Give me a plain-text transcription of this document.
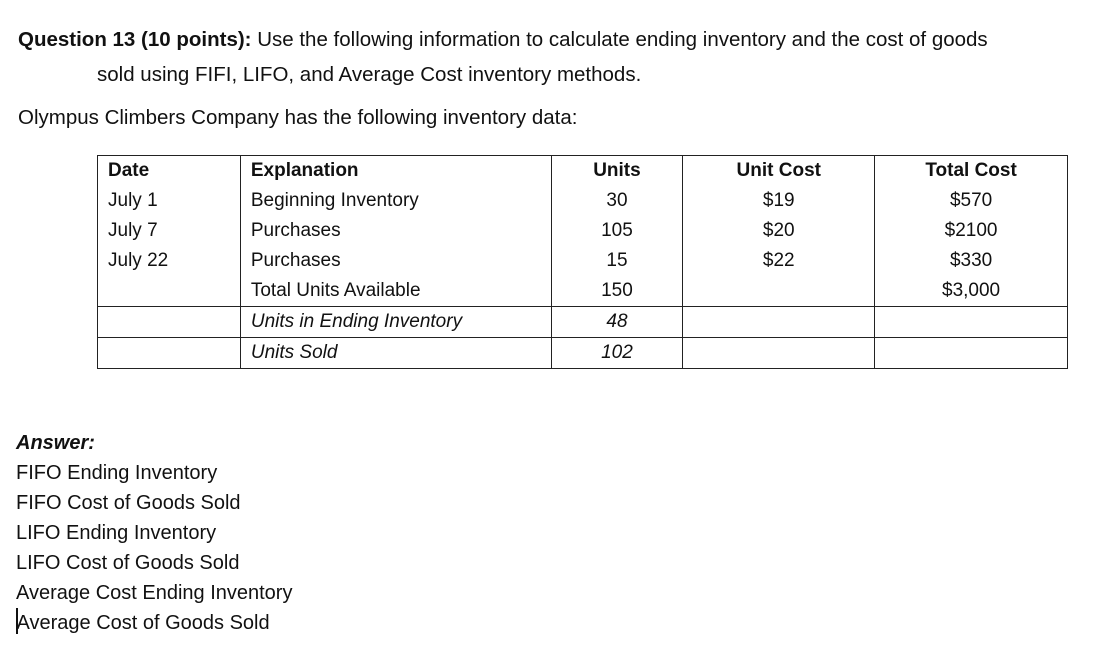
Question 13 (10 points): Use the following information to calculate ending inventory and the cost of goods
sold using FIFI, LIFO, and Average Cost inventory methods.

Olympus Climbers Company has the following inventory data:

Date	Explanation	Units	Unit Cost	Total Cost
July 1	Beginning Inventory	30	$19	$570
July 7	Purchases	105	$20	$2100
July 22	Purchases	15	$22	$330
	Total Units Available	150		$3,000
	Units in Ending Inventory	48		
	Units Sold	102		
Answer:
FIFO Ending Inventory
FIFO Cost of Goods Sold
LIFO Ending Inventory
LIFO Cost of Goods Sold
Average Cost Ending Inventory
Average Cost of Goods Sold
